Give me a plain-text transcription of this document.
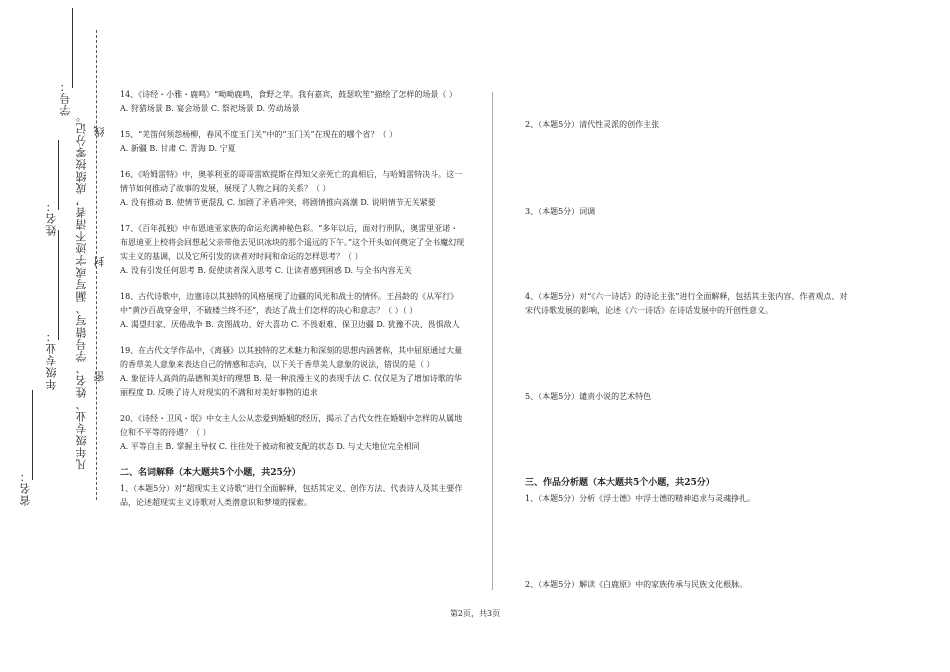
省名：
年级专业：
姓名：
学号：
凡年级专业、姓名、学号错写、漏写或字迹不清者，成绩按零分记。 密
封
线

14、《诗经・小雅・鹿鸣》“呦呦鹿鸣，食野之苹。我有嘉宾，鼓瑟吹笙”描绘了怎样的场景（ ）

A. 狩猎场景 B. 宴会场景 C. 祭祀场景 D. 劳动场景

15、“羌笛何须怨杨柳，春风不度玉门关”中的“玉门关”在现在的哪个省？（ ）

A. 新疆 B. 甘肃 C. 青海 D. 宁夏

16、《哈姆雷特》中，奥菲利亚的哥哥雷欧提斯在得知父亲死亡的真相后，与哈姆雷特决斗。这一情节如何推动了故事的发展，展现了人物之间的关系？（ ）

A. 没有推动 B. 使情节更混乱 C. 加剧了矛盾冲突，将剧情推向高潮 D. 说明情节无关紧要

17、《百年孤独》中布恩迪亚家族的命运充满神秘色彩。“多年以后，面对行刑队，奥雷里亚诺・布恩迪亚上校将会回想起父亲带他去见识冰块的那个遥远的下午。”这个开头如何奠定了全书魔幻现实主义的基调，以及它所引发的读者对时间和命运的怎样思考？（ ）

A. 没有引发任何思考 B. 促使读者深入思考 C. 让读者感到困惑 D. 与全书内容无关

18、古代诗歌中，边塞诗以其独特的风格展现了边疆的风光和战士的情怀。王昌龄的《从军行》中“黄沙百战穿金甲，不破楼兰终不还”，表达了战士们怎样的决心和意志？（ ）（ ）

A. 渴望归家、厌倦战争 B. 贪图战功、好大喜功 C. 不畏艰难、保卫边疆 D. 犹豫不决、畏惧敌人

19、在古代文学作品中，《离骚》以其独特的艺术魅力和深刻的思想内涵著称，其中屈原通过大量的香草美人意象来表达自己的情感和志向，以下关于香草美人意象的说法，错误的是（ ）

A. 象征诗人高尚的品德和美好的理想 B. 是一种浪漫主义的表现手法 C. 仅仅是为了增加诗歌的华丽程度 D. 反映了诗人对现实的不满和对美好事物的追求

20、《诗经・卫风・氓》中女主人公从恋爱到婚姻的经历，揭示了古代女性在婚姻中怎样的从属地位和不平等的待遇？（ ）

A. 平等自主 B. 掌握主导权 C. 往往处于被动和被支配的状态 D. 与丈夫地位完全相同

二、名词解释（本大题共5个小题，共25分）

1、（本题5分）对“超现实主义诗歌”进行全面解释，包括其定义、创作方法、代表诗人及其主要作品，论述超现实主义诗歌对人类潜意识和梦境的探索。

2、（本题5分）清代性灵派的创作主张

3、（本题5分）词调

4、（本题5分）对“《六一诗话》的诗论主张”进行全面解释，包括其主张内容、作者观点、对宋代诗歌发展的影响，论述《六一诗话》在诗话发展中的开创性意义。

5、（本题5分）谴责小说的艺术特色

三、作品分析题（本大题共5个小题，共25分）

1、（本题5分）分析《浮士德》中浮士德的精神追求与灵魂挣扎。

2、（本题5分）解读《白鹿原》中的家族传承与民族文化根脉。

第2页，共3页
